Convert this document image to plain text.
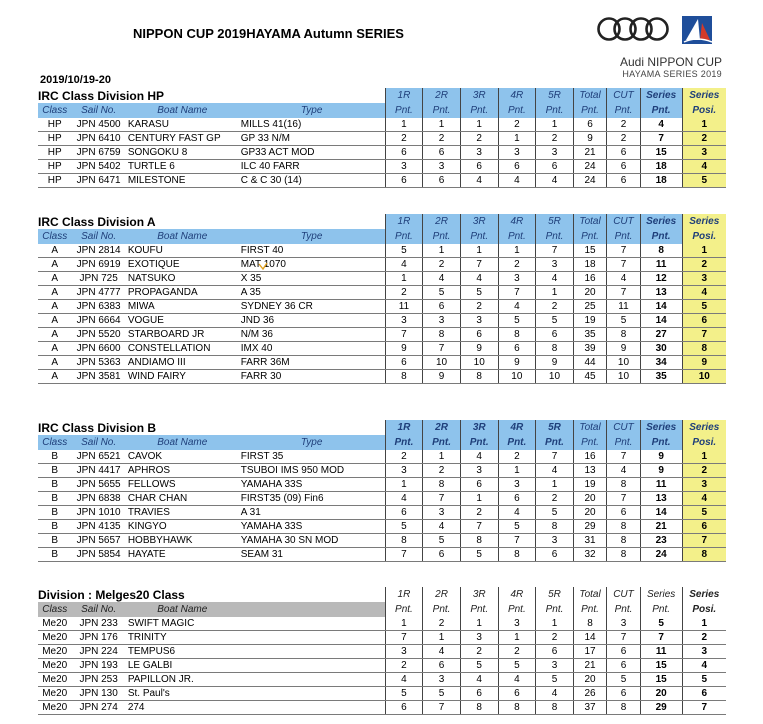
NIPPON CUP 2019HAYAMA Autumn SERIES
Audi NIPPON CUP
HAYAMA SERIES 2019
2019/10/19-20
IRC Class Division HP
				1R	2R	3R	4R	5R	Total	CUT	Series	Series
Class	Sail No.	Boat Name	Type	Pnt.	Pnt.	Pnt.	Pnt.	Pnt.	Pnt.	Pnt.	Pnt.	Posi.
HP	JPN 4500	KARASU	MILLS 41(16)	1	1	1	2	1	6	2	4	1
HP	JPN 6410	CENTURY FAST GP	GP 33 N/M	2	2	2	1	2	9	2	7	2
HP	JPN 6759	SONGOKU 8	GP33 ACT MOD	6	6	3	3	3	21	6	15	3
HP	JPN 5402	TURTLE 6	ILC 40 FARR	3	3	6	6	6	24	6	18	4
HP	JPN 6471	MILESTONE	C & C 30 (14)	6	6	4	4	4	24	6	18	5
IRC Class Division A
				1R	2R	3R	4R	5R	Total	CUT	Series	Series
Class	Sail No.	Boat Name	Type	Pnt.	Pnt.	Pnt.	Pnt.	Pnt.	Pnt.	Pnt.	Pnt.	Posi.
A	JPN 2814	KOUFU	FIRST 40	5	1	1	1	7	15	7	8	1
A	JPN 6919	EXOTIQUE	MAT 1070	4	2	7	2	3	18	7	11	2
A	JPN 725	NATSUKO	X 35	1	4	4	3	4	16	4	12	3
A	JPN 4777	PROPAGANDA	A 35	2	5	5	7	1	20	7	13	4
A	JPN 6383	MIWA	SYDNEY 36 CR	11	6	2	4	2	25	11	14	5
A	JPN 6664	VOGUE	JND 36	3	3	3	5	5	19	5	14	6
A	JPN 5520	STARBOARD JR	N/M 36	7	8	6	8	6	35	8	27	7
A	JPN 6600	CONSTELLATION	IMX 40	9	7	9	6	8	39	9	30	8
A	JPN 5363	ANDIAMO III	FARR 36M	6	10	10	9	9	44	10	34	9
A	JPN 3581	WIND FAIRY	FARR 30	8	9	8	10	10	45	10	35	10
IRC Class Division B
				1R	2R	3R	4R	5R	Total	CUT	Series	Series
Class	Sail No.	Boat Name	Type	Pnt.	Pnt.	Pnt.	Pnt.	Pnt.	Pnt.	Pnt.	Pnt.	Posi.
B	JPN 6521	CAVOK	FIRST 35	2	1	4	2	7	16	7	9	1
B	JPN 4417	APHROS	TSUBOI IMS 950 MOD	3	2	3	1	4	13	4	9	2
B	JPN 5655	FELLOWS	YAMAHA 33S	1	8	6	3	1	19	8	11	3
B	JPN 6838	CHAR CHAN	FIRST35 (09) Fin6	4	7	1	6	2	20	7	13	4
B	JPN 1010	TRAVIES	A 31	6	3	2	4	5	20	6	14	5
B	JPN 4135	KINGYO	YAMAHA 33S	5	4	7	5	8	29	8	21	6
B	JPN 5657	HOBBYHAWK	YAMAHA 30 SN MOD	8	5	8	7	3	31	8	23	7
B	JPN 5854	HAYATE	SEAM 31	7	6	5	8	6	32	8	24	8
Division : Melges20 Class
				1R	2R	3R	4R	5R	Total	CUT	Series	Series
Class	Sail No.	Boat Name		Pnt.	Pnt.	Pnt.	Pnt.	Pnt.	Pnt.	Pnt.	Pnt.	Posi.
Me20	JPN 233	SWIFT MAGIC		1	2	1	3	1	8	3	5	1
Me20	JPN 176	TRINITY		7	1	3	1	2	14	7	7	2
Me20	JPN 224	TEMPUS6		3	4	2	2	6	17	6	11	3
Me20	JPN 193	LE GALBI		2	6	5	5	3	21	6	15	4
Me20	JPN 253	PAPILLON JR.		4	3	4	4	5	20	5	15	5
Me20	JPN 130	St. Paul's		5	5	6	6	4	26	6	20	6
Me20	JPN 274	274		6	7	8	8	8	37	8	29	7
